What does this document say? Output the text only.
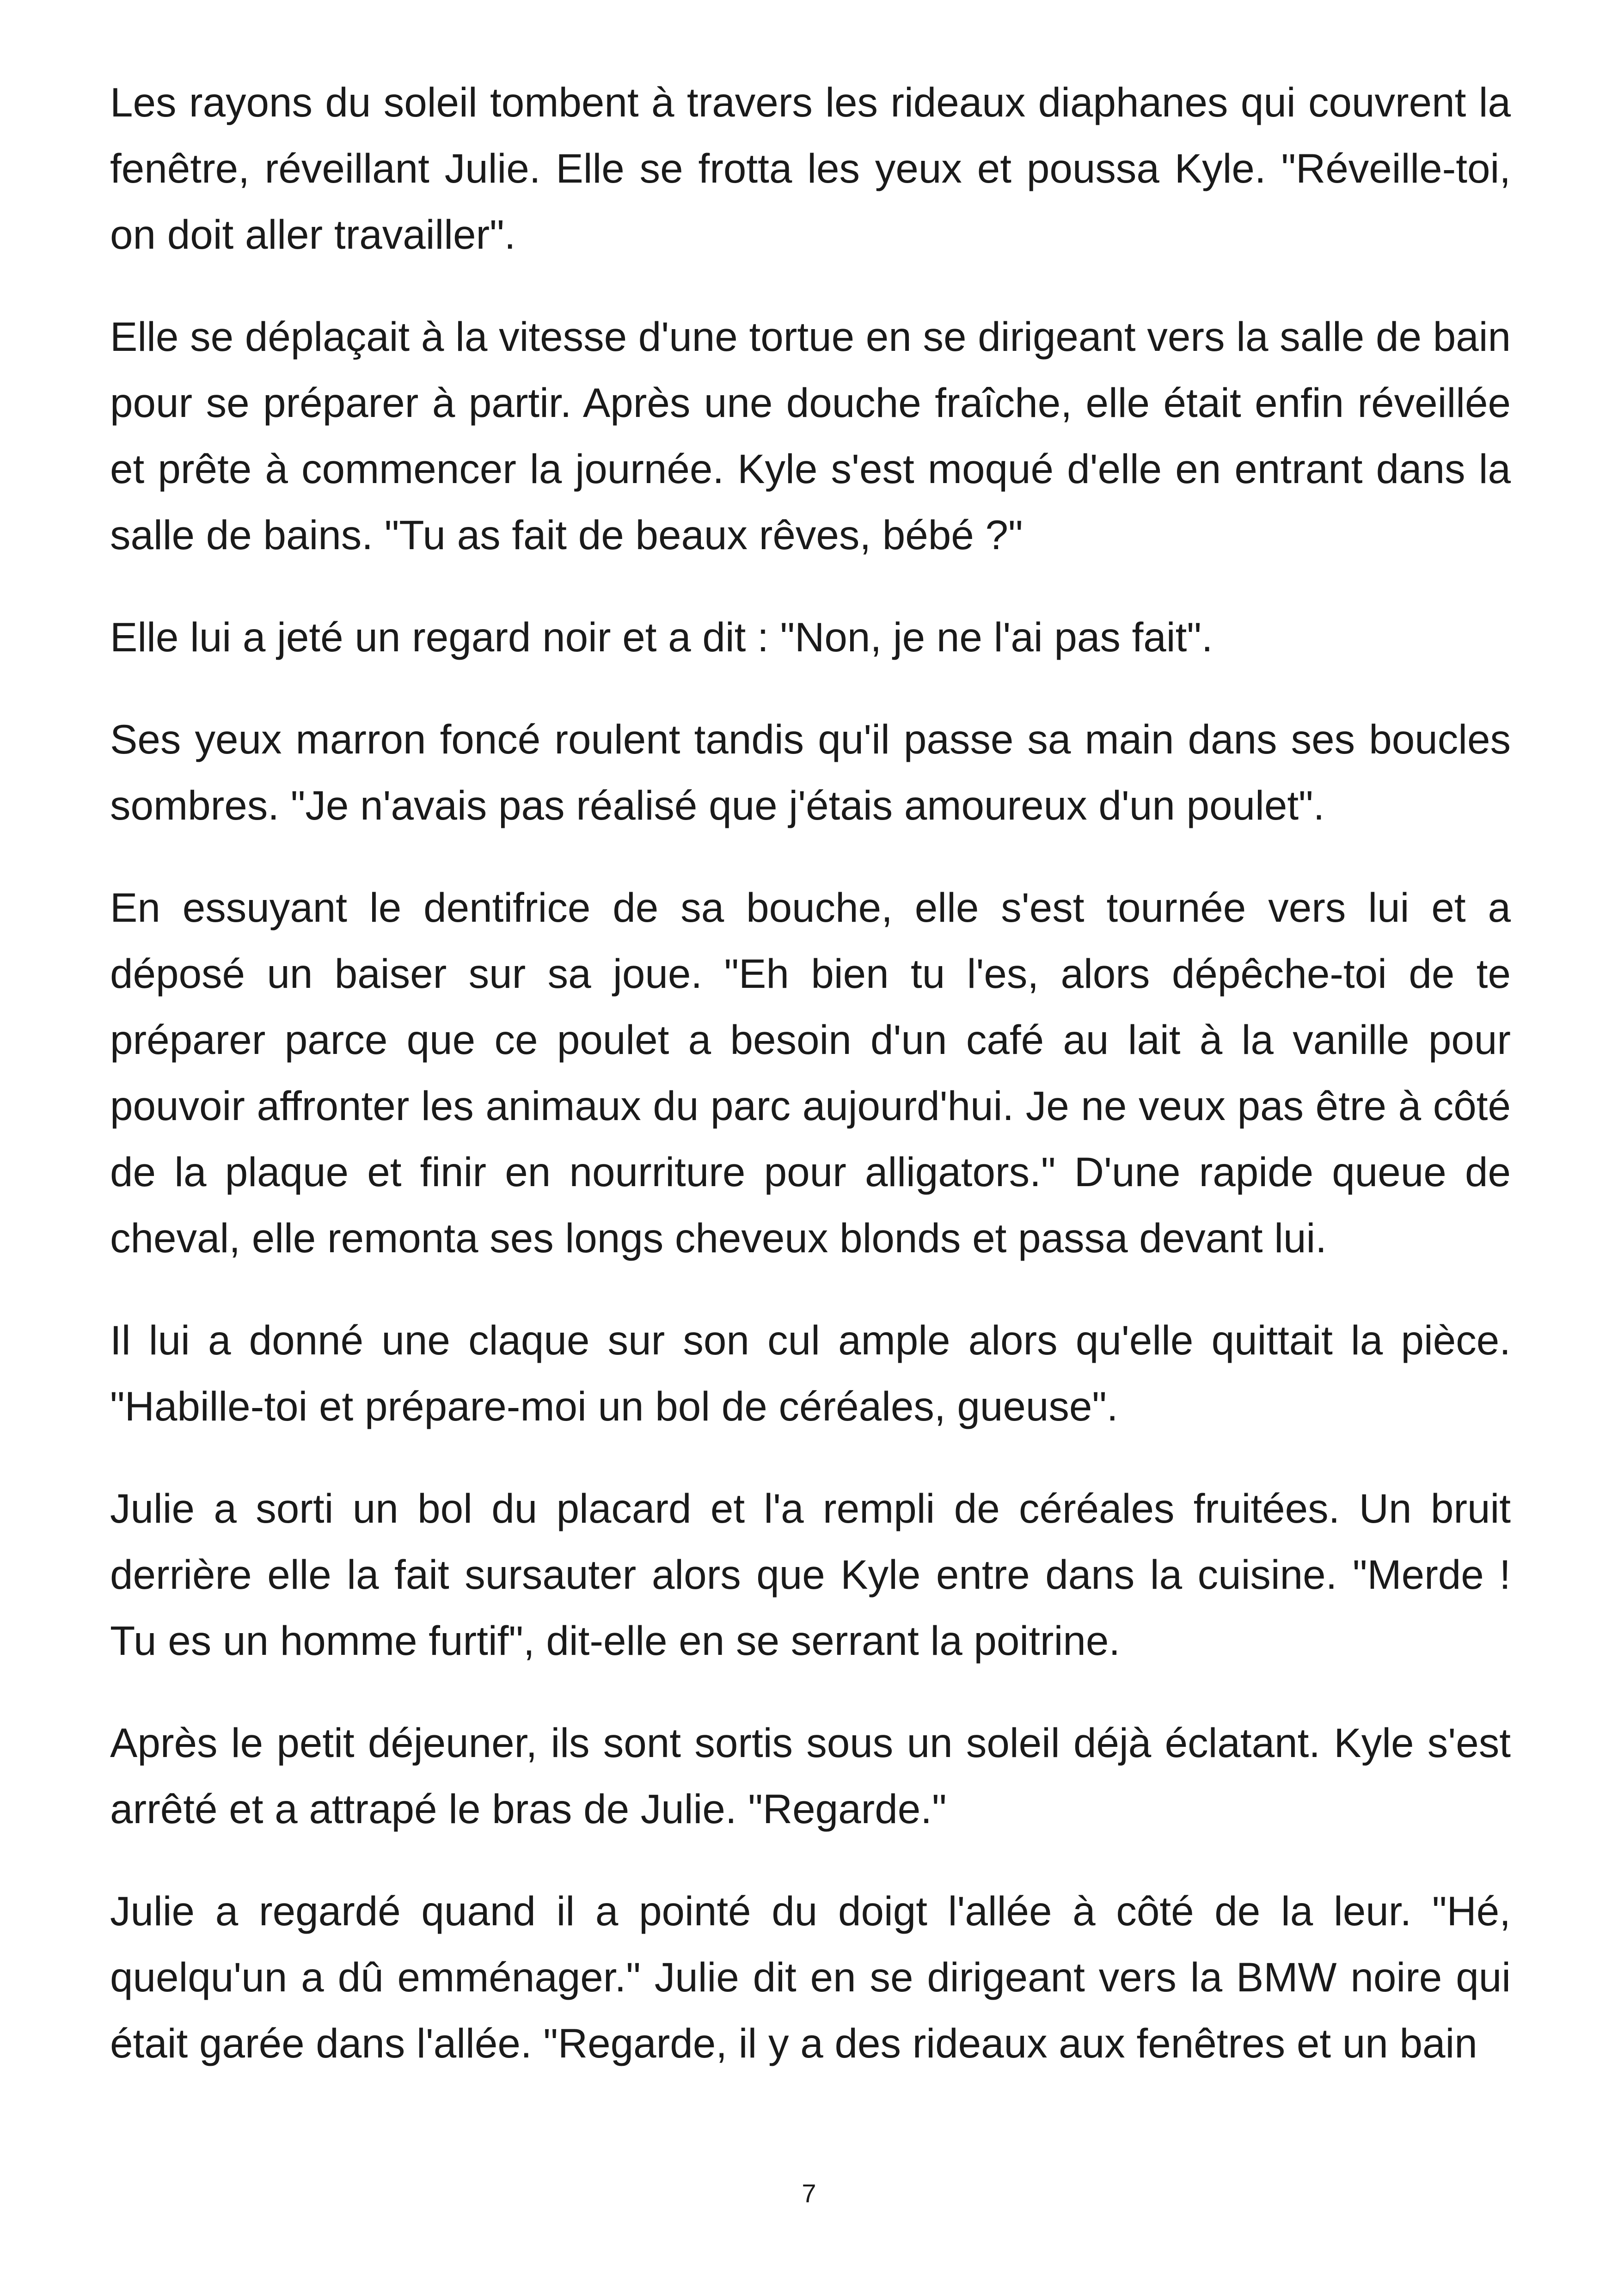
Les rayons du soleil tombent à travers les rideaux diaphanes qui couvrent la fenêtre, réveillant Julie. Elle se frotta les yeux et poussa Kyle. "Réveille-toi, on doit aller travailler".

Elle se déplaçait à la vitesse d'une tortue en se dirigeant vers la salle de bain pour se préparer à partir. Après une douche fraîche, elle était enfin réveillée et prête à commencer la journée. Kyle s'est moqué d'elle en entrant dans la salle de bains. "Tu as fait de beaux rêves, bébé ?"

Elle lui a jeté un regard noir et a dit : "Non, je ne l'ai pas fait".

Ses yeux marron foncé roulent tandis qu'il passe sa main dans ses boucles sombres. "Je n'avais pas réalisé que j'étais amoureux d'un poulet".

En essuyant le dentifrice de sa bouche, elle s'est tournée vers lui et a déposé un baiser sur sa joue. "Eh bien tu l'es, alors dépêche-toi de te préparer parce que ce poulet a besoin d'un café au lait à la vanille pour pouvoir affronter les animaux du parc aujourd'hui. Je ne veux pas être à côté de la plaque et finir en nourriture pour alligators." D'une rapide queue de cheval, elle remonta ses longs cheveux blonds et passa devant lui.

Il lui a donné une claque sur son cul ample alors qu'elle quittait la pièce. "Habille-toi et prépare-moi un bol de céréales, gueuse".

Julie a sorti un bol du placard et l'a rempli de céréales fruitées. Un bruit derrière elle la fait sursauter alors que Kyle entre dans la cuisine. "Merde ! Tu es un homme furtif", dit-elle en se serrant la poitrine.

Après le petit déjeuner, ils sont sortis sous un soleil déjà éclatant. Kyle s'est arrêté et a attrapé le bras de Julie. "Regarde."

Julie a regardé quand il a pointé du doigt l'allée à côté de la leur. "Hé, quelqu'un a dû emménager." Julie dit en se dirigeant vers la BMW noire qui était garée dans l'allée. "Regarde, il y a des rideaux aux fenêtres et un bain

7
